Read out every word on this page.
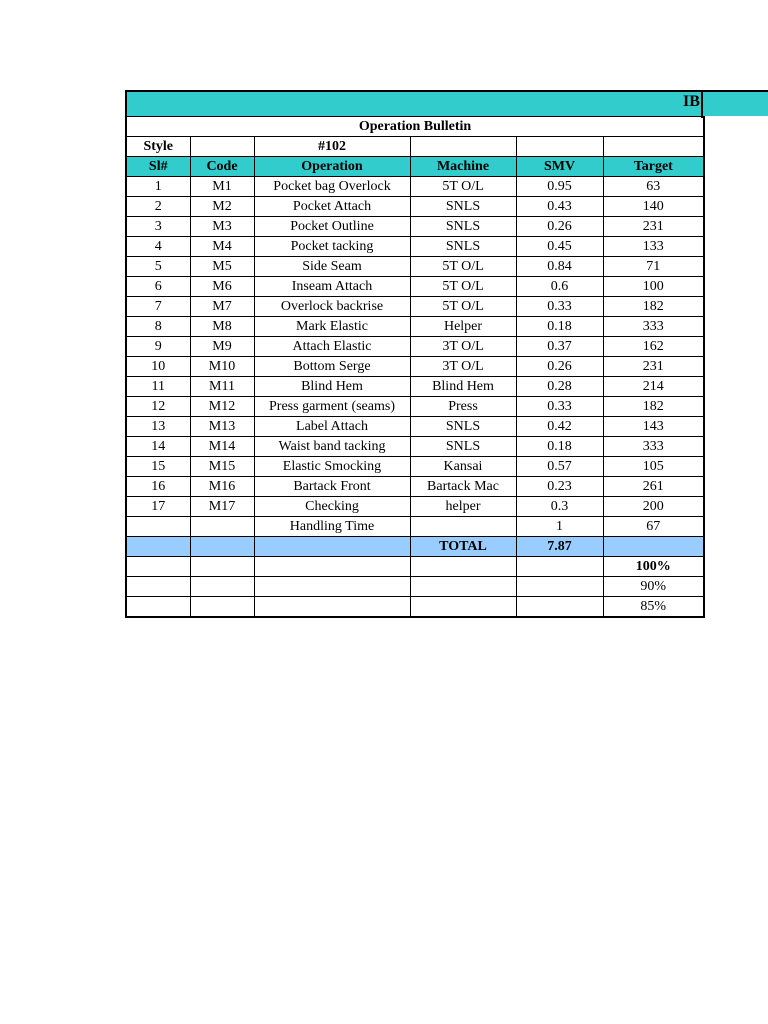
IB
Operation Bulletin					
Style		#102			
Sl#	Code	Operation	Machine	SMV	Target
1	M1	Pocket bag Overlock	5T O/L	0.95	63
2	M2	Pocket Attach	SNLS	0.43	140
3	M3	Pocket Outline	SNLS	0.26	231
4	M4	Pocket tacking	SNLS	0.45	133
5	M5	Side Seam	5T O/L	0.84	71
6	M6	Inseam Attach	5T O/L	0.6	100
7	M7	Overlock backrise	5T O/L	0.33	182
8	M8	Mark Elastic	Helper	0.18	333
9	M9	Attach Elastic	3T O/L	0.37	162
10	M10	Bottom Serge	3T O/L	0.26	231
11	M11	Blind Hem	Blind Hem	0.28	214
12	M12	Press garment (seams)	Press	0.33	182
13	M13	Label Attach	SNLS	0.42	143
14	M14	Waist band tacking	SNLS	0.18	333
15	M15	Elastic Smocking	Kansai	0.57	105
16	M16	Bartack Front	Bartack Mac	0.23	261
17	M17	Checking	helper	0.3	200
		Handling Time		1	67
			TOTAL	7.87	
					100%
					90%
					85%
